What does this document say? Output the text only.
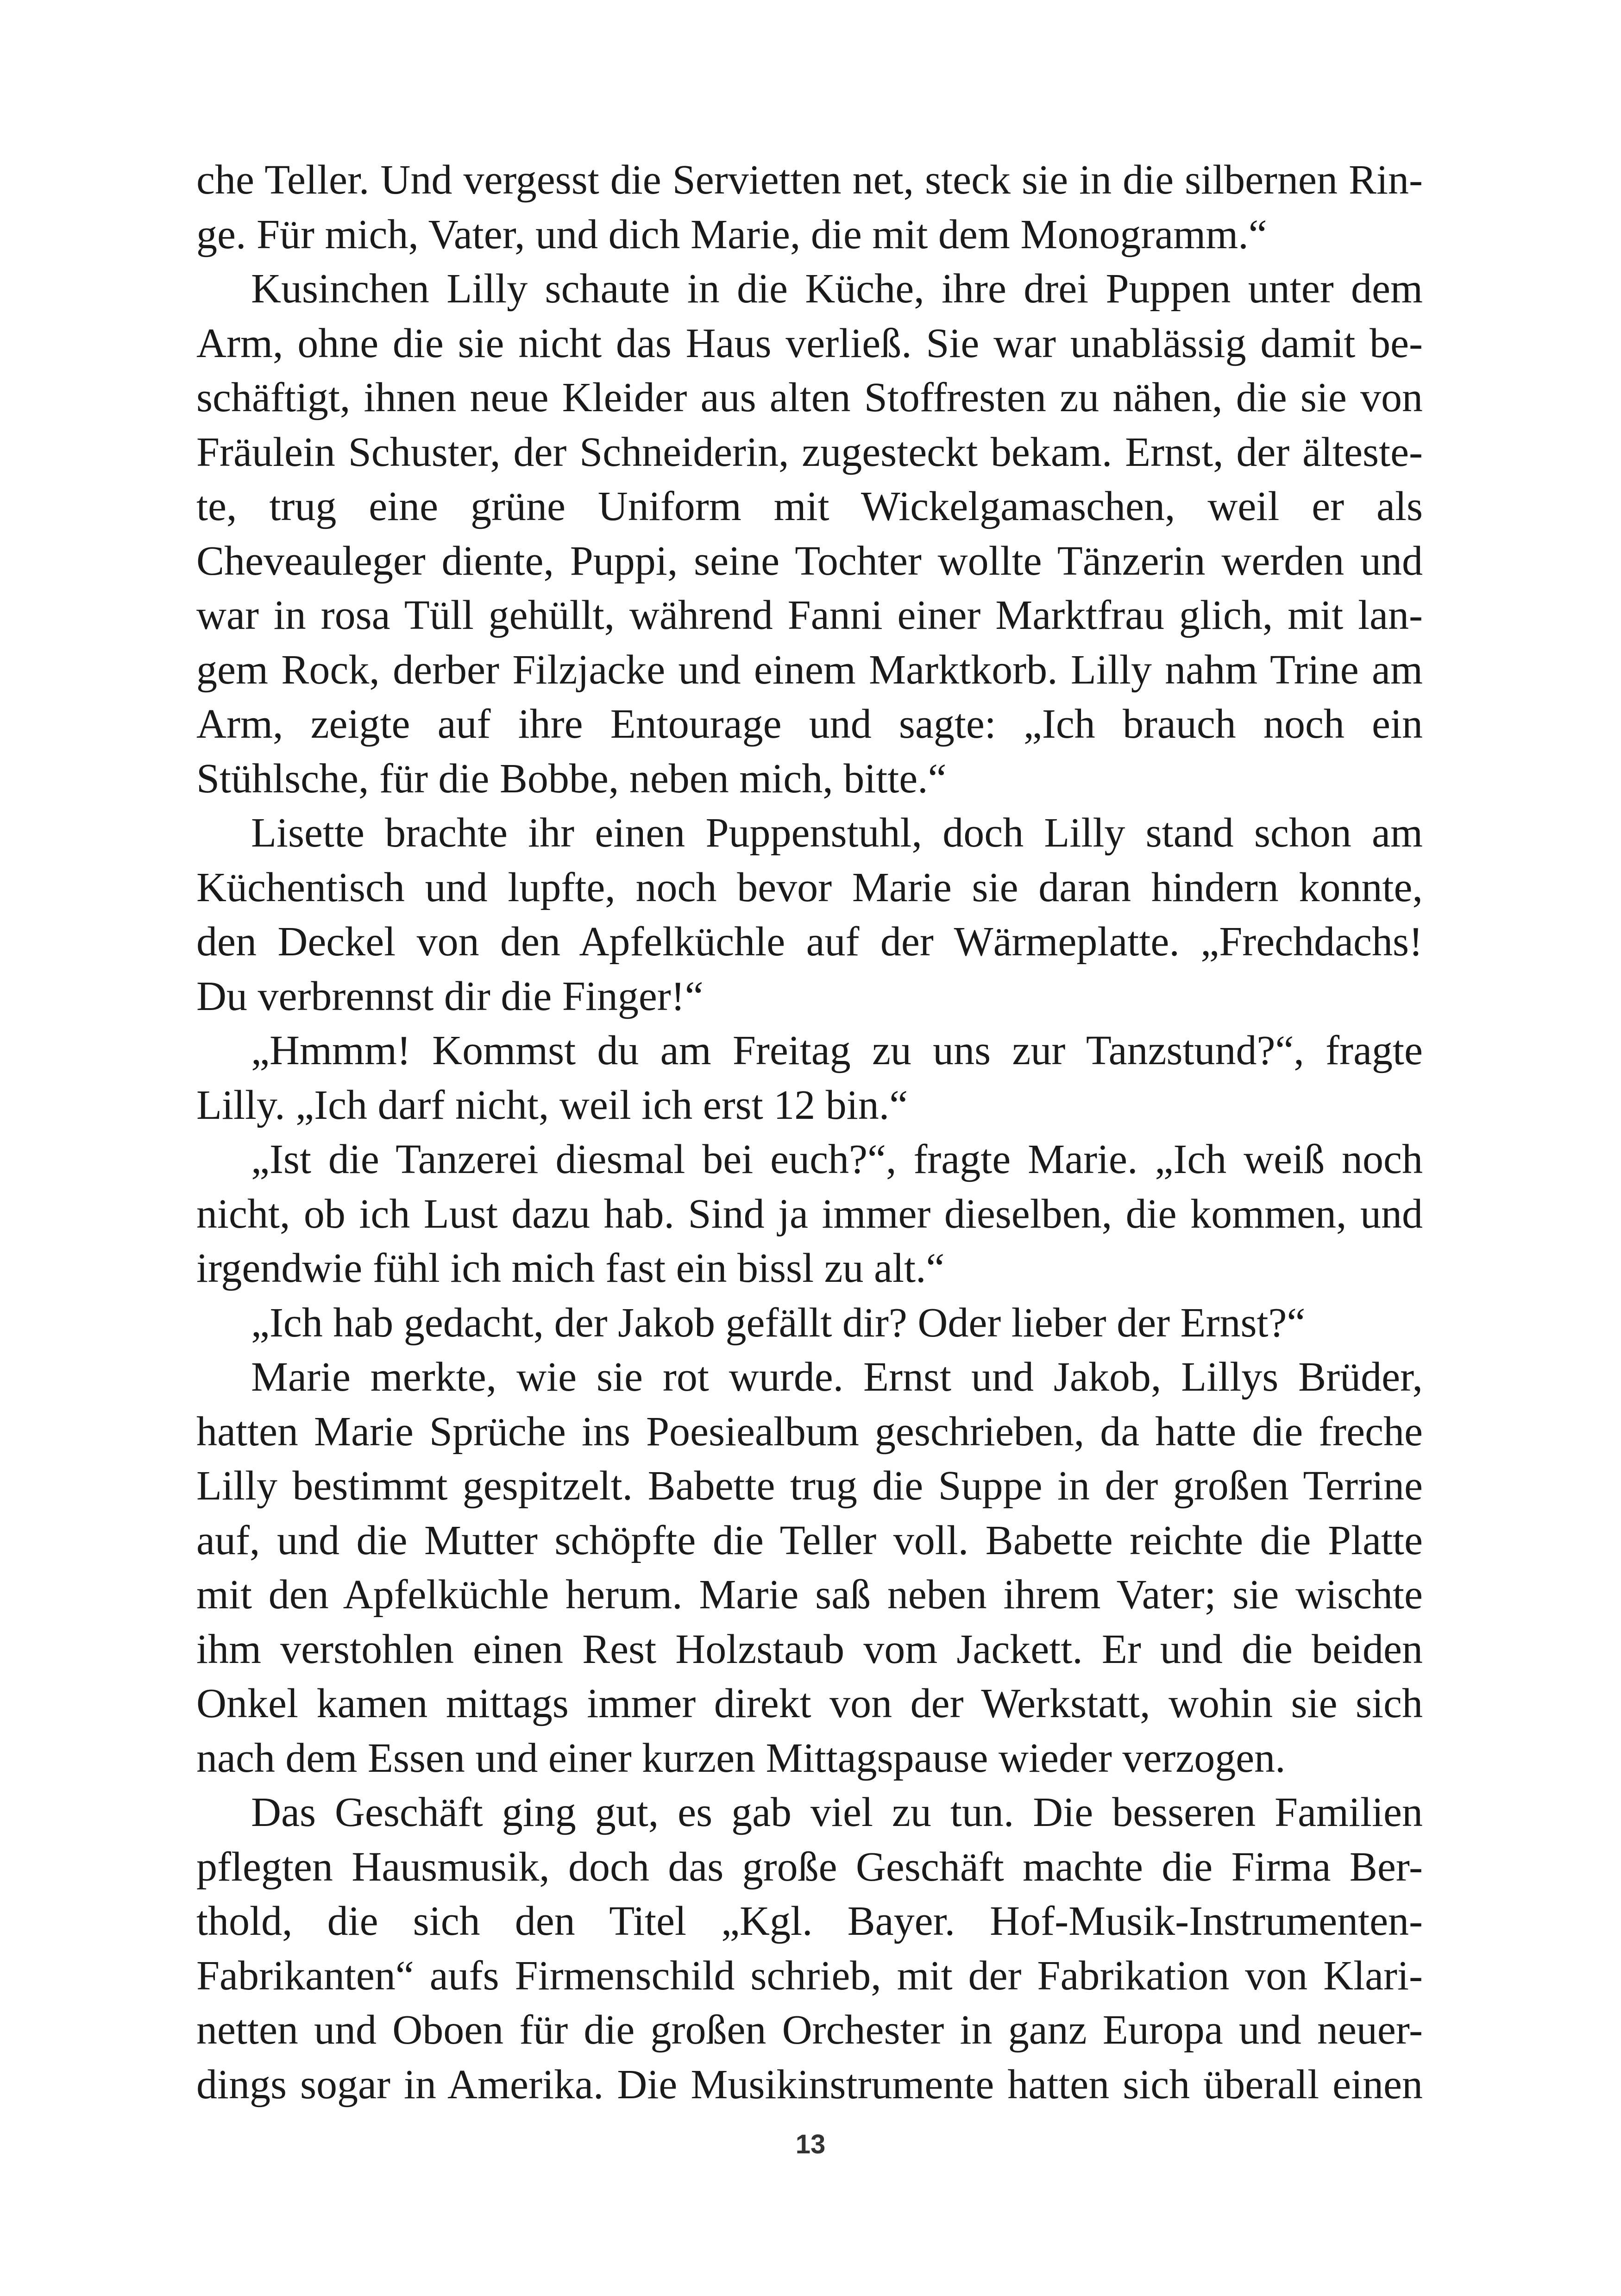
che Teller. Und vergesst die Servietten net, steck sie in die silbernen Rin-
ge. Für mich, Vater, und dich Marie, die mit dem Monogramm.“
Kusinchen Lilly schaute in die Küche, ihre drei Puppen unter dem
Arm, ohne die sie nicht das Haus verließ. Sie war unablässig damit be-
schäftigt, ihnen neue Kleider aus alten Stoffresten zu nähen, die sie von
Fräulein Schuster, der Schneiderin, zugesteckt bekam. Ernst, der älteste-
te, trug eine grüne Uniform mit Wickelgamaschen, weil er als
Cheveauleger diente, Puppi, seine Tochter wollte Tänzerin werden und
war in rosa Tüll gehüllt, während Fanni einer Marktfrau glich, mit lan-
gem Rock, derber Filzjacke und einem Marktkorb. Lilly nahm Trine am
Arm, zeigte auf ihre Entourage und sagte: „Ich brauch noch ein
Stühlsche, für die Bobbe, neben mich, bitte.“
Lisette brachte ihr einen Puppenstuhl, doch Lilly stand schon am
Küchentisch und lupfte, noch bevor Marie sie daran hindern konnte,
den Deckel von den Apfelküchle auf der Wärmeplatte. „Frechdachs!
Du verbrennst dir die Finger!“
„Hmmm! Kommst du am Freitag zu uns zur Tanzstund?“, fragte
Lilly. „Ich darf nicht, weil ich erst 12 bin.“
„Ist die Tanzerei diesmal bei euch?“, fragte Marie. „Ich weiß noch
nicht, ob ich Lust dazu hab. Sind ja immer dieselben, die kommen, und
irgendwie fühl ich mich fast ein bissl zu alt.“
„Ich hab gedacht, der Jakob gefällt dir? Oder lieber der Ernst?“
Marie merkte, wie sie rot wurde. Ernst und Jakob, Lillys Brüder,
hatten Marie Sprüche ins Poesiealbum geschrieben, da hatte die freche
Lilly bestimmt gespitzelt. Babette trug die Suppe in der großen Terrine
auf, und die Mutter schöpfte die Teller voll. Babette reichte die Platte
mit den Apfelküchle herum. Marie saß neben ihrem Vater; sie wischte
ihm verstohlen einen Rest Holzstaub vom Jackett. Er und die beiden
Onkel kamen mittags immer direkt von der Werkstatt, wohin sie sich
nach dem Essen und einer kurzen Mittagspause wieder verzogen.
Das Geschäft ging gut, es gab viel zu tun. Die besseren Familien
pflegten Hausmusik, doch das große Geschäft machte die Firma Ber-
thold, die sich den Titel „Kgl. Bayer. Hof-Musik-Instrumenten-
Fabrikanten“ aufs Firmenschild schrieb, mit der Fabrikation von Klari-
netten und Oboen für die großen Orchester in ganz Europa und neuer-
dings sogar in Amerika. Die Musikinstrumente hatten sich überall einen
13
